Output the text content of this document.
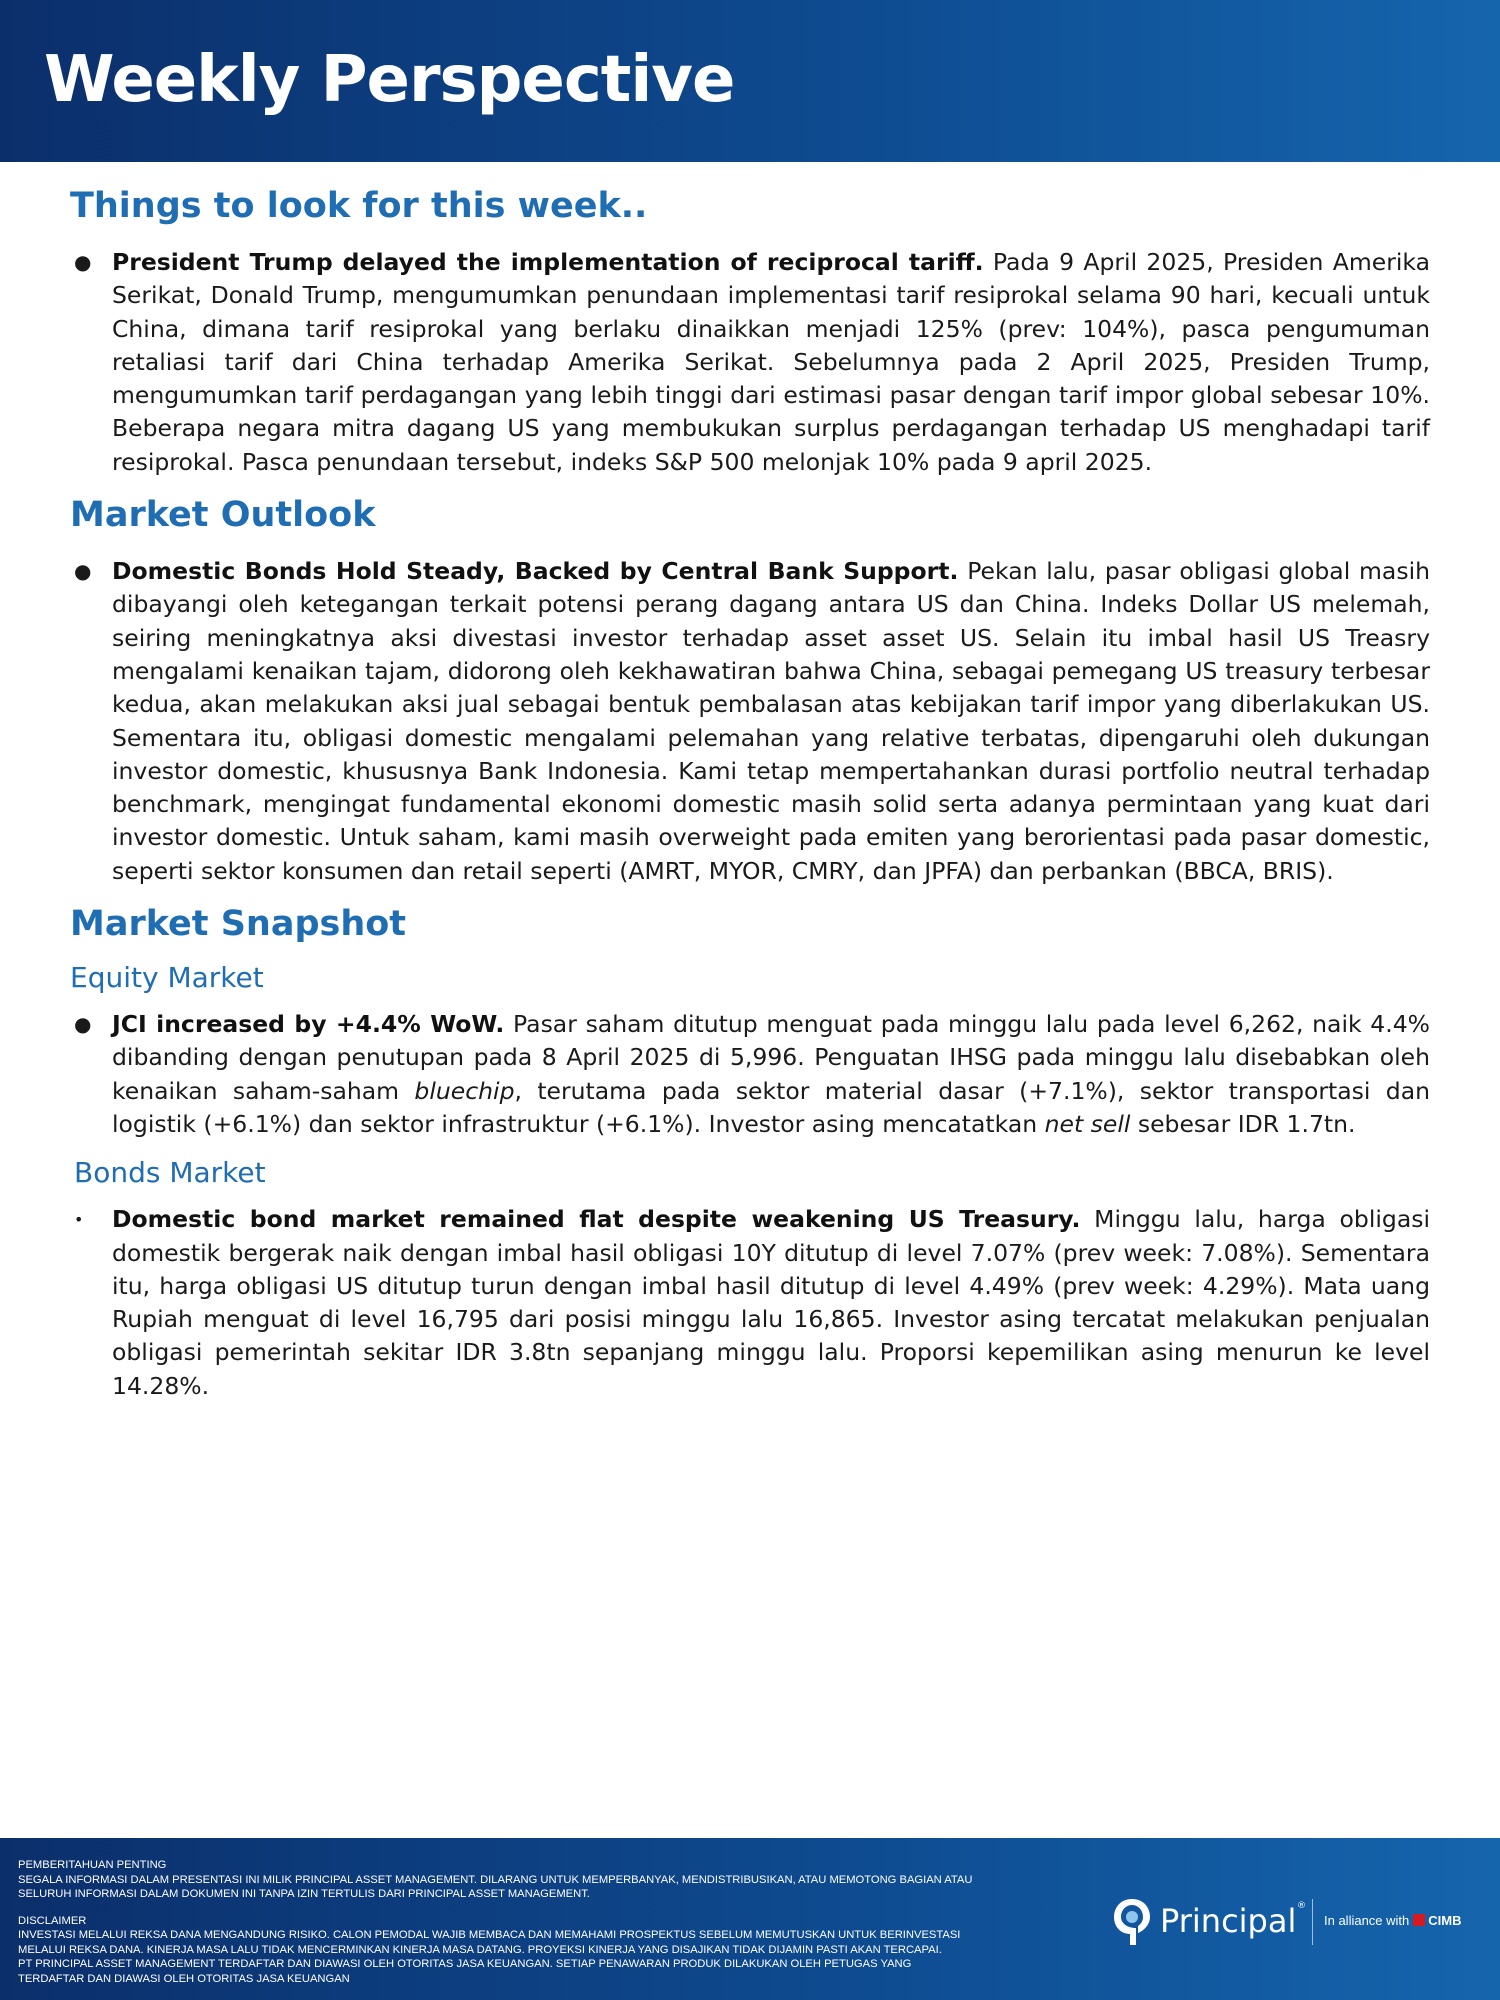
Weekly Perspective
Things to look for this week..
● President Trump delayed the implementation of reciprocal tariff. Pada 9 April 2025, Presiden Amerika Serikat, Donald Trump, mengumumkan penundaan implementasi tarif resiprokal selama 90 hari, kecuali untuk China, dimana tarif resiprokal yang berlaku dinaikkan menjadi 125% (prev: 104%), pasca pengumuman retaliasi tarif dari China terhadap Amerika Serikat. Sebelumnya pada 2 April 2025, Presiden Trump, mengumumkan tarif perdagangan yang lebih tinggi dari estimasi pasar dengan tarif impor global sebesar 10%. Beberapa negara mitra dagang US yang membukukan surplus perdagangan terhadap US menghadapi tarif resiprokal. Pasca penundaan tersebut, indeks S&P 500 melonjak 10% pada 9 april 2025.
Market Outlook
● Domestic Bonds Hold Steady, Backed by Central Bank Support. Pekan lalu, pasar obligasi global masih dibayangi oleh ketegangan terkait potensi perang dagang antara US dan China. Indeks Dollar US melemah, seiring meningkatnya aksi divestasi investor terhadap asset asset US. Selain itu imbal hasil US Treasry mengalami kenaikan tajam, didorong oleh kekhawatiran bahwa China, sebagai pemegang US treasury terbesar kedua, akan melakukan aksi jual sebagai bentuk pembalasan atas kebijakan tarif impor yang diberlakukan US. Sementara itu, obligasi domestic mengalami pelemahan yang relative terbatas, dipengaruhi oleh dukungan investor domestic, khususnya Bank Indonesia. Kami tetap mempertahankan durasi portfolio neutral terhadap benchmark, mengingat fundamental ekonomi domestic masih solid serta adanya permintaan yang kuat dari investor domestic. Untuk saham, kami masih overweight pada emiten yang berorientasi pada pasar domestic, seperti sektor konsumen dan retail seperti (AMRT, MYOR, CMRY, dan JPFA) dan perbankan (BBCA, BRIS).
Market Snapshot
Equity Market
● JCI increased by +4.4% WoW. Pasar saham ditutup menguat pada minggu lalu pada level 6,262, naik 4.4% dibanding dengan penutupan pada 8 April 2025 di 5,996. Penguatan IHSG pada minggu lalu disebabkan oleh kenaikan saham-saham bluechip, terutama pada sektor material dasar (+7.1%), sektor transportasi dan logistik (+6.1%) dan sektor infrastruktur (+6.1%). Investor asing mencatatkan net sell sebesar IDR 1.7tn.
Bonds Market
• Domestic bond market remained flat despite weakening US Treasury. Minggu lalu, harga obligasi domestik bergerak naik dengan imbal hasil obligasi 10Y ditutup di level 7.07% (prev week: 7.08%). Sementara itu, harga obligasi US ditutup turun dengan imbal hasil ditutup di level 4.49% (prev week: 4.29%). Mata uang Rupiah menguat di level 16,795 dari posisi minggu lalu 16,865. Investor asing tercatat melakukan penjualan obligasi pemerintah sekitar IDR 3.8tn sepanjang minggu lalu. Proporsi kepemilikan asing menurun ke level 14.28%.

PEMBERITAHUAN PENTING

SEGALA INFORMASI DALAM PRESENTASI INI MILIK PRINCIPAL ASSET MANAGEMENT. DILARANG UNTUK MEMPERBANYAK, MENDISTRIBUSIKAN, ATAU MEMOTONG BAGIAN ATAU

SELURUH INFORMASI DALAM DOKUMEN INI TANPA IZIN TERTULIS DARI PRINCIPAL ASSET MANAGEMENT.

DISCLAIMER

INVESTASI MELALUI REKSA DANA MENGANDUNG RISIKO. CALON PEMODAL WAJIB MEMBACA DAN MEMAHAMI PROSPEKTUS SEBELUM MEMUTUSKAN UNTUK BERINVESTASI

MELALUI REKSA DANA. KINERJA MASA LALU TIDAK MENCERMINKAN KINERJA MASA DATANG. PROYEKSI KINERJA YANG DISAJIKAN TIDAK DIJAMIN PASTI AKAN TERCAPAI.

PT PRINCIPAL ASSET MANAGEMENT TERDAFTAR DAN DIAWASI OLEH OTORITAS JASA KEUANGAN. SETIAP PENAWARAN PRODUK DILAKUKAN OLEH PETUGAS YANG

TERDAFTAR DAN DIAWASI OLEH OTORITAS JASA KEUANGAN

Principal ®
In alliance with CIMB
